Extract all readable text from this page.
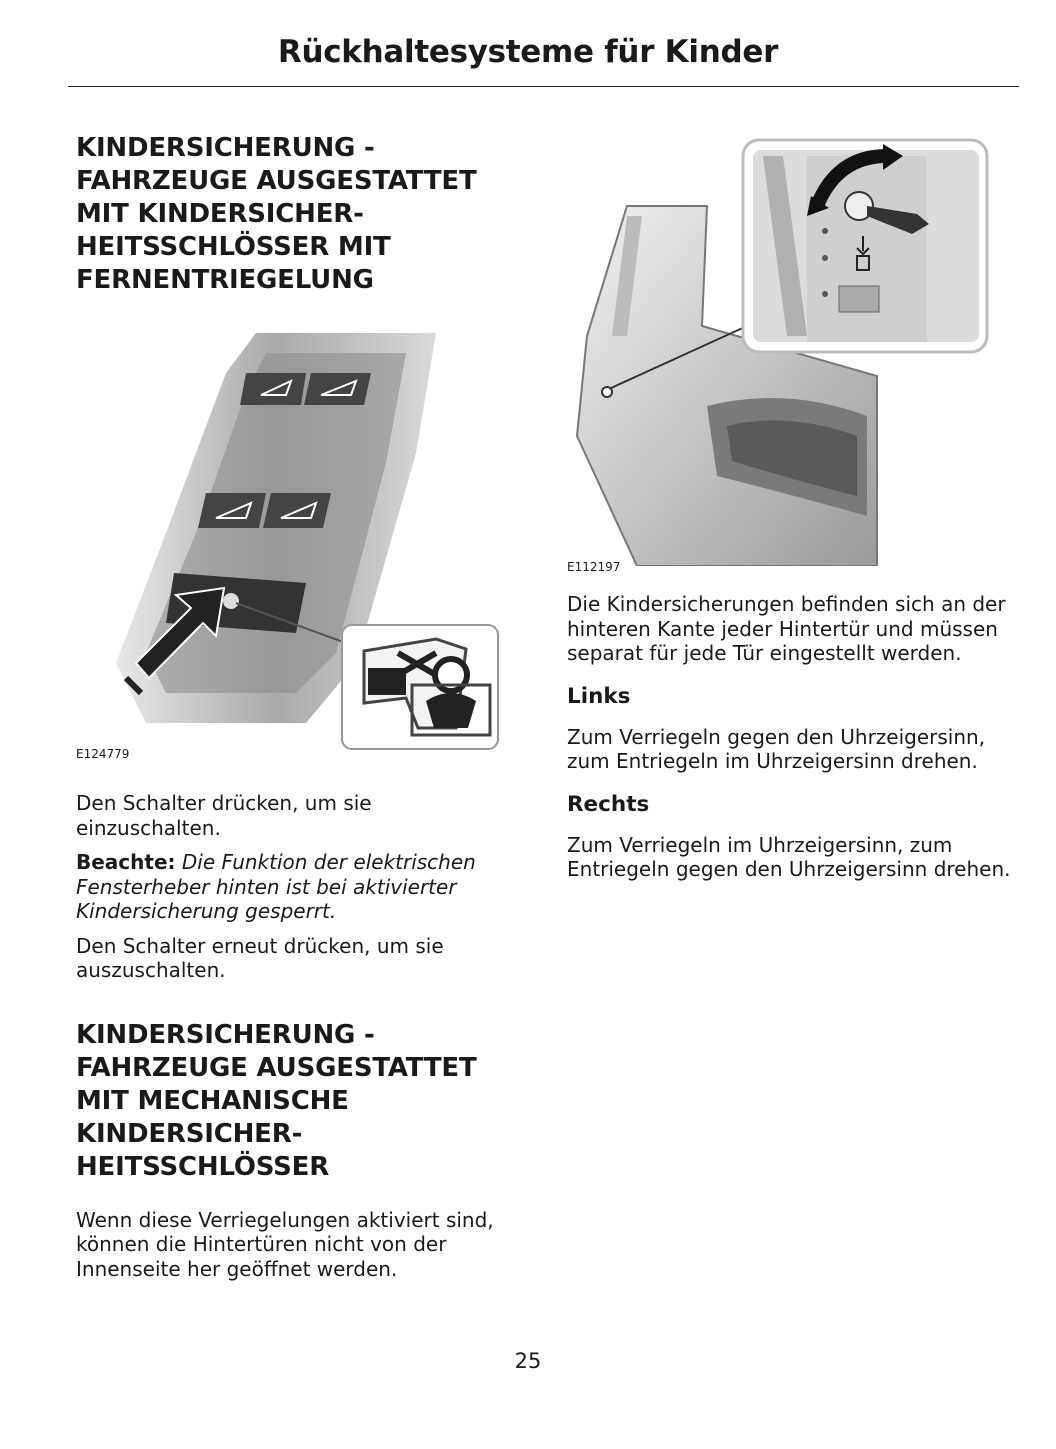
Rückhaltesysteme für Kinder
KINDERSICHERUNG -
FAHRZEUGE AUSGESTATTET
MIT KINDERSICHER-
HEITSSCHLÖSSER MIT
FERNENTRIEGELUNG
E124779

Den Schalter drücken, um sie
einzuschalten.

Beachte: Die Funktion der elektrischen
Fensterheber hinten ist bei aktivierter
Kindersicherung gesperrt.

Den Schalter erneut drücken, um sie
auszuschalten.

KINDERSICHERUNG -
FAHRZEUGE AUSGESTATTET
MIT MECHANISCHE
KINDERSICHER-
HEITSSCHLÖSSER

Wenn diese Verriegelungen aktiviert sind,
können die Hintertüren nicht von der
Innenseite her geöffnet werden.

E112197

Die Kindersicherungen befinden sich an der
hinteren Kante jeder Hintertür und müssen
separat für jede Tür eingestellt werden.

Links

Zum Verriegeln gegen den Uhrzeigersinn,
zum Entriegeln im Uhrzeigersinn drehen.

Rechts

Zum Verriegeln im Uhrzeigersinn, zum
Entriegeln gegen den Uhrzeigersinn drehen.

25
